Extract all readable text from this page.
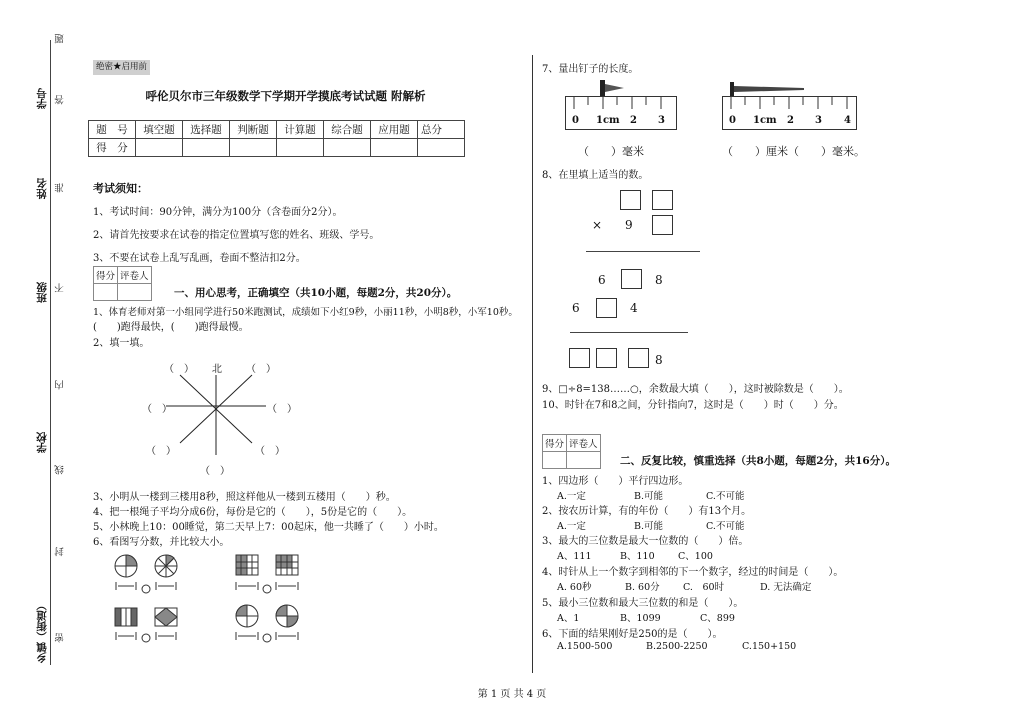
题
答
准
不
内
线
封
密
学号
姓名
班级
学校
乡镇（街道）
绝密★启用前
呼伦贝尔市三年级数学下学期开学摸底考试试题 附解析
题　号	填空题	选择题	判断题	计算题	综合题	应用题	总分
得　分							
考试须知：
1、考试时间：90分钟，满分为100分（含卷面分2分）。
2、请首先按要求在试卷的指定位置填写您的姓名、班级、学号。
3、不要在试卷上乱写乱画，卷面不整洁扣2分。
得分	评卷人

一、用心思考，正确填空（共10小题，每题2分，共20分）。
1、体育老师对第一小组同学进行50米跑测试，成绩如下小红9秒，小丽11秒，小明8秒，小军10秒。
(　　)跑得最快，(　　)跑得最慢。
2、填一填。
（　） 北 （　）
（　）	（　）
（　）	（　）
（　）
3、小明从一楼到三楼用8秒，照这样他从一楼到五楼用（　　）秒。
4、把一根绳子平均分成6份，每份是它的（　　），5份是它的（　　）。
5、小林晚上10：00睡觉，第二天早上7：00起床，他一共睡了（　　）小时。
6、看图写分数，并比较大小。
7、量出钉子的长度。
0 1cm 2 3	0 1cm 2 3 4
（　　）毫米	（　　）厘米（　　）毫米。
8、在里填上适当的数。
× 9
6	8
6	4
8
9、□÷8=138……○，余数最大填（　　），这时被除数是（　　）。
10、时针在7和8之间，分针指向7，这时是（　　）时（　　）分。
得分	评卷人

二、反复比较，慎重选择（共8小题，每题2分，共16分）。
1、四边形（　　）平行四边形。
A.一定	B.可能	C.不可能
2、按农历计算，有的年份（　　）有13个月。
A.一定	B.可能	C.不可能
3、最大的三位数是最大一位数的（　　）倍。
A、111	B、110 C、100
4、时针从上一个数字到相邻的下一个数字，经过的时间是（　　）。
A. 60秒	B. 60分 C.　60时	D. 无法确定
5、最小三位数和最大三位数的和是（　　）。
A、1	B、1099	C、899
6、下面的结果刚好是250的是（　　）。
A.1500-500	B.2500-2250	C.150+150
第 1 页 共 4 页
